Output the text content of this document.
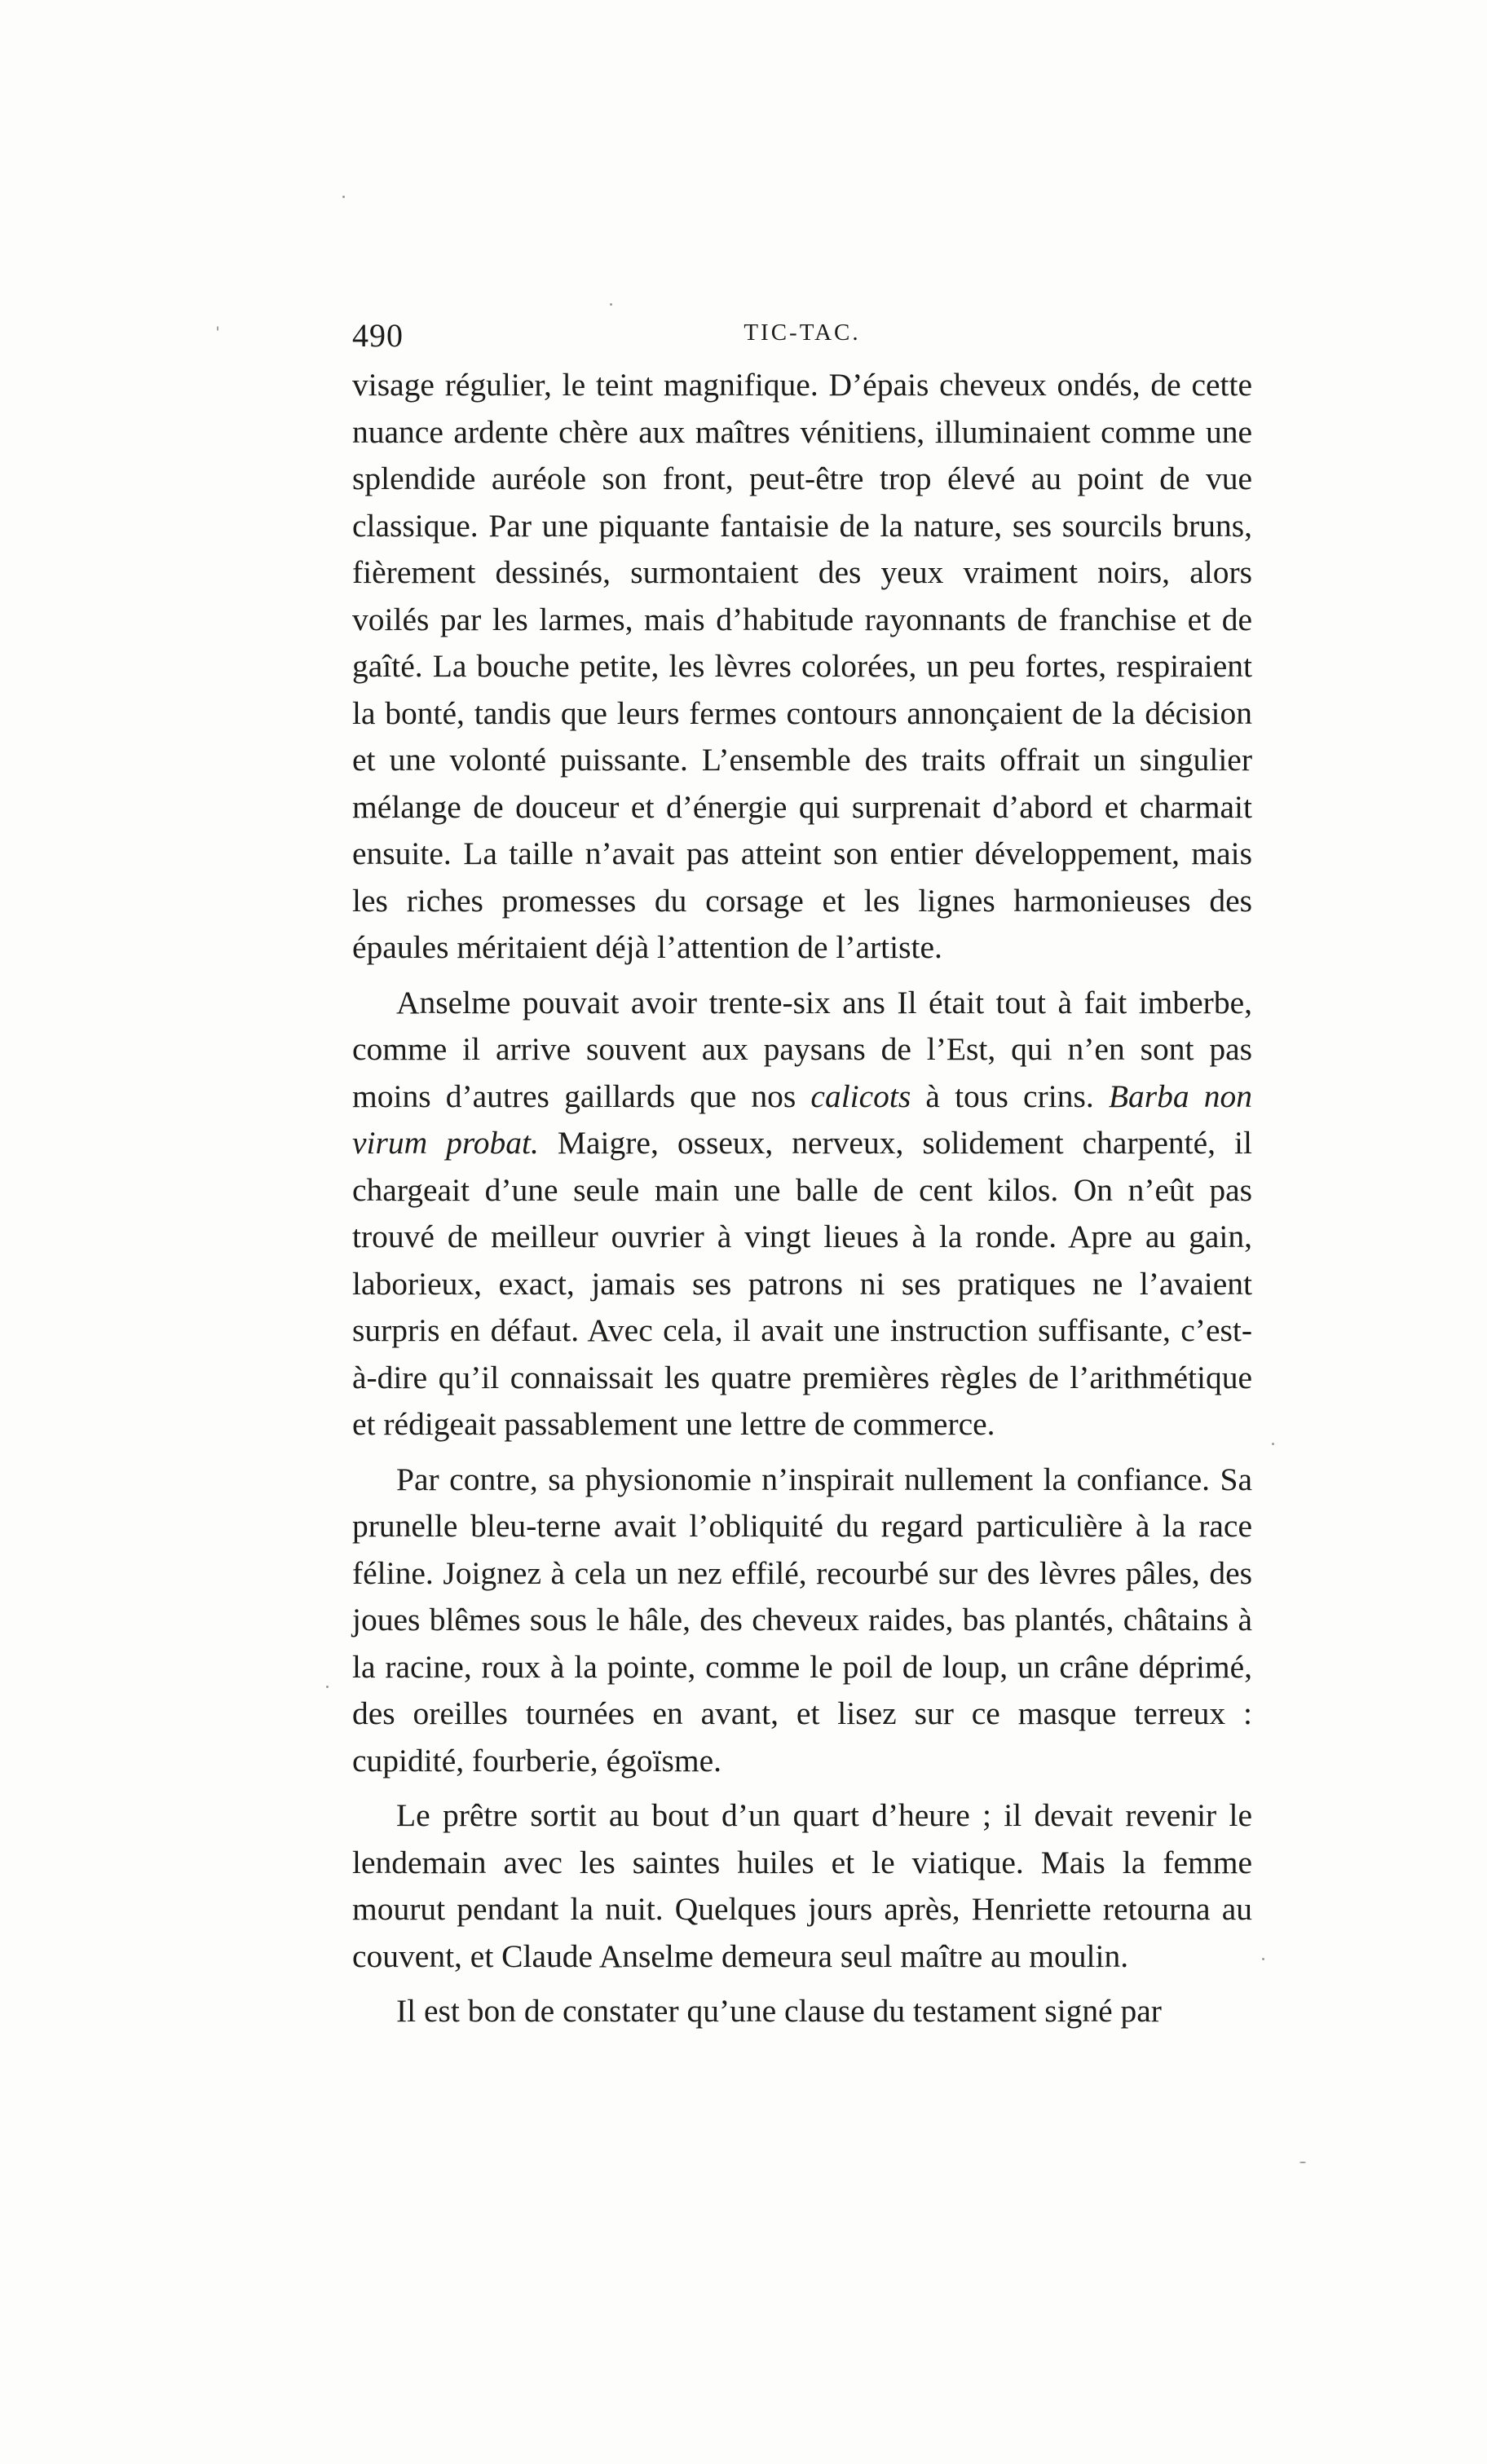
490	TIC-TAC.

visage régulier, le teint magnifique. D’épais cheveux ondés, de cette nuance ardente chère aux maîtres vénitiens, illuminaient comme une splendide auréole son front, peut-être trop élevé au point de vue classique. Par une piquante fantaisie de la nature, ses sourcils bruns, fièrement dessinés, surmontaient des yeux vraiment noirs, alors voilés par les larmes, mais d’habitude rayonnants de franchise et de gaîté. La bouche petite, les lèvres colorées, un peu fortes, respiraient la bonté, tandis que leurs fermes contours annonçaient de la décision et une volonté puissante. L’ensemble des traits offrait un singulier mélange de douceur et d’énergie qui surprenait d’abord et charmait ensuite. La taille n’avait pas atteint son entier développement, mais les riches promesses du corsage et les lignes harmonieuses des épaules méritaient déjà l’attention de l’artiste.

Anselme pouvait avoir trente-six ans Il était tout à fait imberbe, comme il arrive souvent aux paysans de l’Est, qui n’en sont pas moins d’autres gaillards que nos calicots à tous crins. Barba non virum probat. Maigre, osseux, nerveux, solidement charpenté, il chargeait d’une seule main une balle de cent kilos. On n’eût pas trouvé de meilleur ouvrier à vingt lieues à la ronde. Apre au gain, laborieux, exact, jamais ses patrons ni ses pratiques ne l’avaient surpris en défaut. Avec cela, il avait une instruction suffisante, c’est-à-dire qu’il connaissait les quatre premières règles de l’arithmétique et rédigeait passablement une lettre de commerce.

Par contre, sa physionomie n’inspirait nullement la confiance. Sa prunelle bleu-terne avait l’obliquité du regard particulière à la race féline. Joignez à cela un nez effilé, recourbé sur des lèvres pâles, des joues blêmes sous le hâle, des cheveux raides, bas plantés, châtains à la racine, roux à la pointe, comme le poil de loup, un crâne déprimé, des oreilles tournées en avant, et lisez sur ce masque terreux : cupidité, fourberie, égoïsme.

Le prêtre sortit au bout d’un quart d’heure ; il devait revenir le lendemain avec les saintes huiles et le viatique. Mais la femme mourut pendant la nuit. Quelques jours après, Henriette retourna au couvent, et Claude Anselme demeura seul maître au moulin.

Il est bon de constater qu’une clause du testament signé par
